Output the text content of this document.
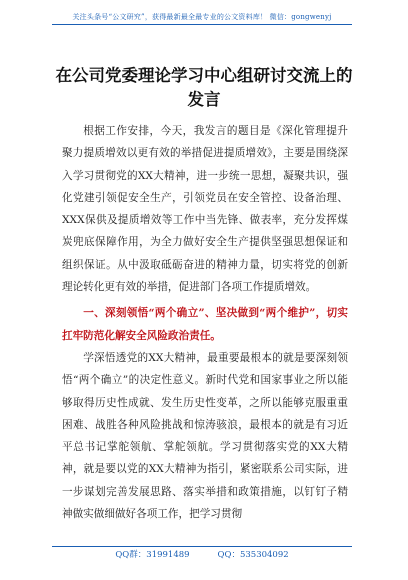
关注头条号“公文研究”，获得最新最全最专业的公文资料库！ 微信：gongwenyj
在公司党委理论学习中心组研讨交流上的
发言

根据工作安排，今天，我发言的题目是《深化管理提升聚力提质增效以更有效的举措促进提质增效》，主要是围绕深入学习贯彻党的XX大精神，进一步统一思想，凝聚共识，强化党建引领促安全生产，引领党员在安全管控、设备治理、XXX保供及提质增效等工作中当先锋、做表率，充分发挥煤炭兜底保障作用，为全力做好安全生产提供坚强思想保证和组织保证。从中汲取砥砺奋进的精神力量，切实将党的创新理论转化更有效的举措，促进部门各项工作提质增效。

一、深刻领悟“两个确立”、坚决做到“两个维护”，切实扛牢防范化解安全风险政治责任。

学深悟透党的XX大精神，最重要最根本的就是要深刻领悟“两个确立”的决定性意义。新时代党和国家事业之所以能够取得历史性成就、发生历史性变革，之所以能够克服重重困难、战胜各种风险挑战和惊涛骇浪，最根本的就是有习近平总书记掌舵领航、掌舵领航。学习贯彻落实党的XX大精神，就是要以党的XX大精神为指引，紧密联系公司实际，进一步谋划完善发展思路、落实举措和政策措施，以钉钉子精神做实做细做好各项工作，把学习贯彻

QQ群：31991489	QQ：535304092
